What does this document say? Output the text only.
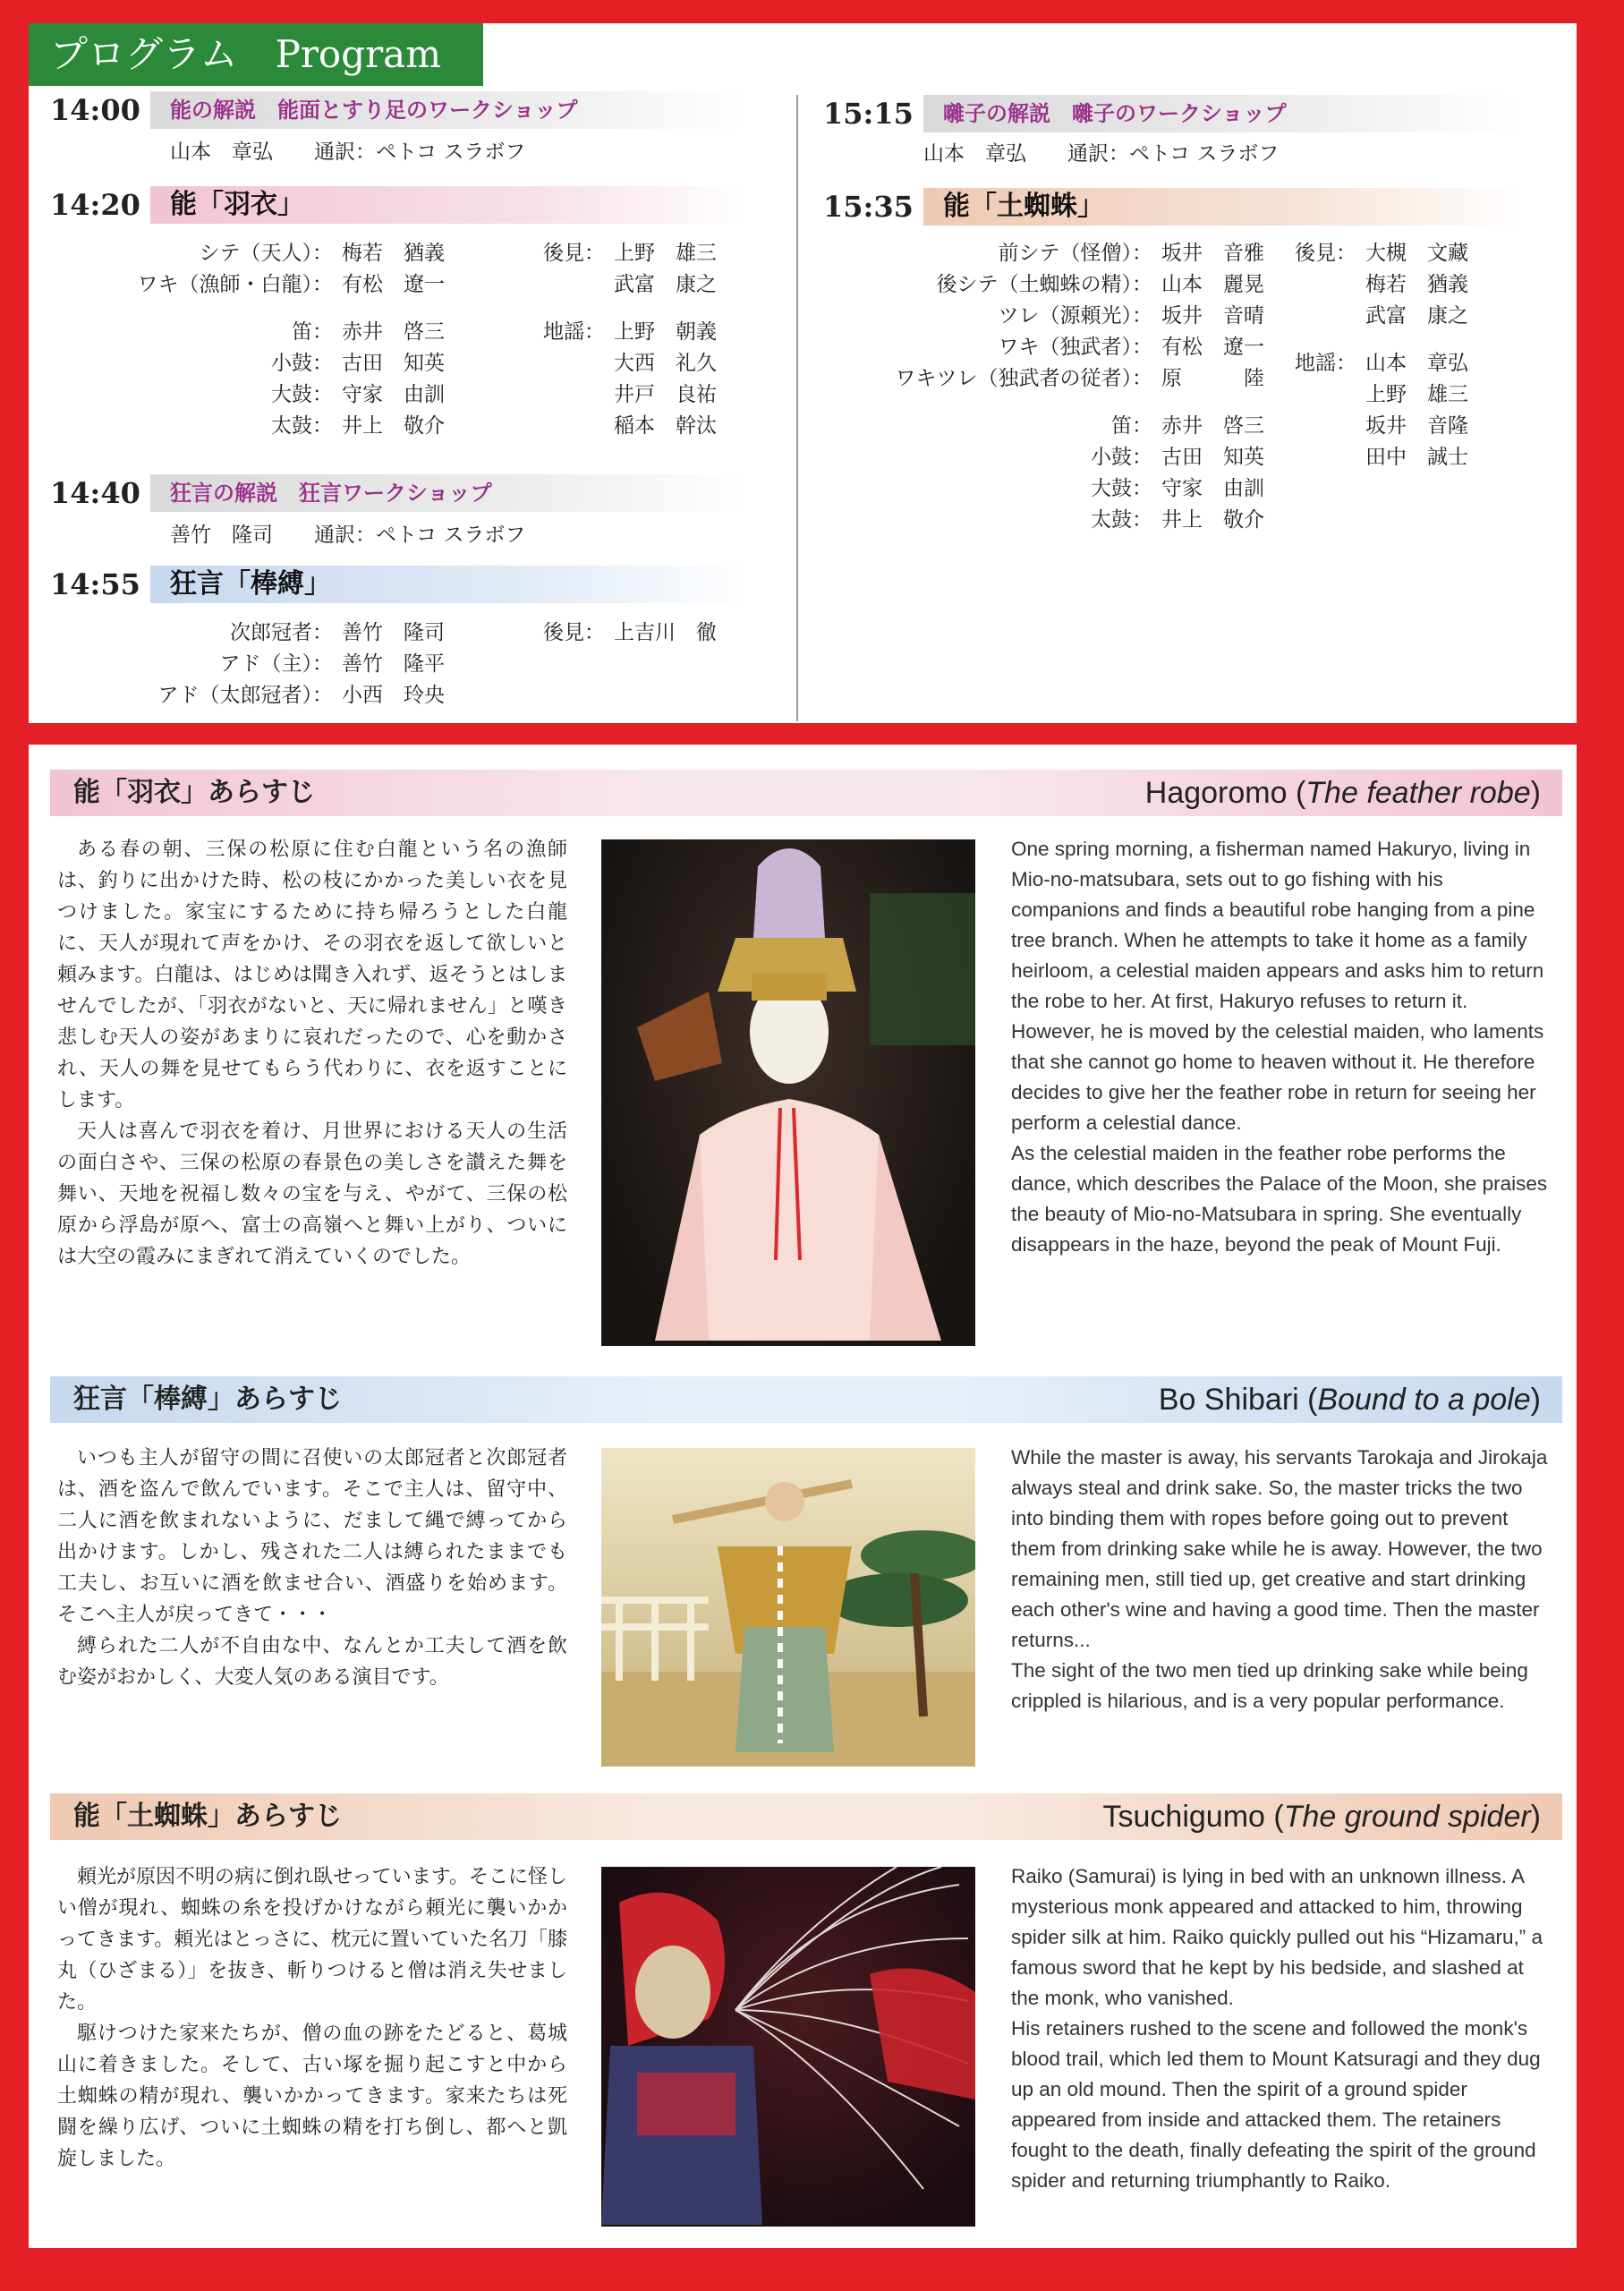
プログラム　Program
14:00	能の解説　能面とすり足のワークショップ
山本　章弘　　通訳：ペトコ スラボフ
14:20	能「羽衣」
シテ（天人）： 梅若　猶義
ワキ（漁師・白龍）： 有松　遼一
笛： 赤井　啓三
小鼓： 古田　知英
大鼓： 守家　由訓
太鼓： 井上　敬介
後見： 上野　雄三
武富　康之
地謡： 上野　朝義
大西　礼久
井戸　良祐
稲本　幹汰
14:40	狂言の解説　狂言ワークショップ
善竹　隆司　　通訳：ペトコ スラボフ
14:55	狂言「棒縛」
次郎冠者： 善竹　隆司
アド（主）： 善竹　隆平
アド（太郎冠者）： 小西　玲央
後見： 上吉川　徹
15:15	囃子の解説　囃子のワークショップ
山本　章弘　　通訳：ペトコ スラボフ
15:35	能「土蜘蛛」
前シテ（怪僧）： 坂井　音雅
後シテ（土蜘蛛の精）： 山本　麗晃
ツレ（源頼光）： 坂井　音晴
ワキ（独武者）： 有松　遼一
ワキツレ（独武者の従者）： 原　　　陸
笛： 赤井　啓三
小鼓： 古田　知英
大鼓： 守家　由訓
太鼓： 井上　敬介
後見： 大槻　文藏
梅若　猶義
武富　康之
地謡： 山本　章弘
上野　雄三
坂井　音隆
田中　誠士
能「羽衣」あらすじ	Hagoromo (The feather robe)

ある春の朝、三保の松原に住む白龍という名の漁師は、釣りに出かけた時、松の枝にかかった美しい衣を見つけました。家宝にするために持ち帰ろうとした白龍に、天人が現れて声をかけ、その羽衣を返して欲しいと頼みます。白龍は、はじめは聞き入れず、返そうとはしませんでしたが、「羽衣がないと、天に帰れません」と嘆き悲しむ天人の姿があまりに哀れだったので、心を動かされ、天人の舞を見せてもらう代わりに、衣を返すことにします。

天人は喜んで羽衣を着け、月世界における天人の生活の面白さや、三保の松原の春景色の美しさを讃えた舞を舞い、天地を祝福し数々の宝を与え、やがて、三保の松原から浮島が原へ、富士の高嶺へと舞い上がり、ついには大空の霞みにまぎれて消えていくのでした。

One spring morning, a fisherman named Hakuryo, living in Mio-no-matsubara, sets out to go fishing with his companions and finds a beautiful robe hanging from a pine tree branch. When he attempts to take it home as a family heirloom, a celestial maiden appears and asks him to return the robe to her. At first, Hakuryo refuses to return it. However, he is moved by the celestial maiden, who laments that she cannot go home to heaven without it. He therefore decides to give her the feather robe in return for seeing her perform a celestial dance.

As the celestial maiden in the feather robe performs the dance, which describes the Palace of the Moon, she praises the beauty of Mio-no-Matsubara in spring. She eventually disappears in the haze, beyond the peak of Mount Fuji.

狂言「棒縛」あらすじ	Bo Shibari (Bound to a pole)

いつも主人が留守の間に召使いの太郎冠者と次郎冠者は、酒を盗んで飲んでいます。そこで主人は、留守中、二人に酒を飲まれないように、だまして縄で縛ってから出かけます。しかし、残された二人は縛られたままでも工夫し、お互いに酒を飲ませ合い、酒盛りを始めます。そこへ主人が戻ってきて・・・

縛られた二人が不自由な中、なんとか工夫して酒を飲む姿がおかしく、大変人気のある演目です。

While the master is away, his servants Tarokaja and Jirokaja always steal and drink sake. So, the master tricks the two into binding them with ropes before going out to prevent them from drinking sake while he is away. However, the two remaining men, still tied up, get creative and start drinking each other's wine and having a good time. Then the master returns...

The sight of the two men tied up drinking sake while being crippled is hilarious, and is a very popular performance.

能「土蜘蛛」あらすじ	Tsuchigumo (The ground spider)

頼光が原因不明の病に倒れ臥せっています。そこに怪しい僧が現れ、蜘蛛の糸を投げかけながら頼光に襲いかかってきます。頼光はとっさに、枕元に置いていた名刀「膝丸（ひざまる）」を抜き、斬りつけると僧は消え失せました。

駆けつけた家来たちが、僧の血の跡をたどると、葛城山に着きました。そして、古い塚を掘り起こすと中から土蜘蛛の精が現れ、襲いかかってきます。家来たちは死闘を繰り広げ、ついに土蜘蛛の精を打ち倒し、都へと凱旋しました。

Raiko (Samurai) is lying in bed with an unknown illness. A mysterious monk appeared and attacked to him, throwing spider silk at him. Raiko quickly pulled out his “Hizamaru,” a famous sword that he kept by his bedside, and slashed at the monk, who vanished.

His retainers rushed to the scene and followed the monk's blood trail, which led them to Mount Katsuragi and they dug up an old mound. Then the spirit of a ground spider appeared from inside and attacked them. The retainers fought to the death, finally defeating the spirit of the ground spider and returning triumphantly to Raiko.
